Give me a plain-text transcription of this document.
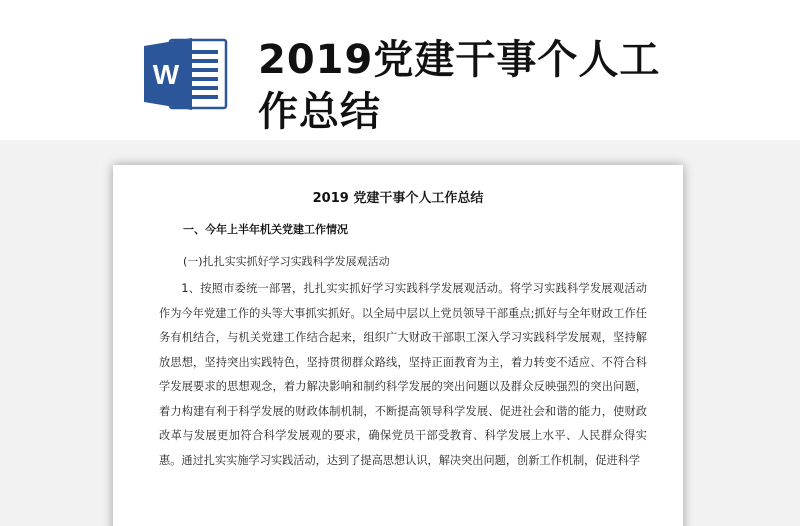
W 2019党建干事个人工作总结
2019 党建干事个人工作总结
一、今年上半年机关党建工作情况
(一)扎扎实实抓好学习实践科学发展观活动
1、按照市委统一部署，扎扎实实抓好学习实践科学发展观活动。将学习实践科学发展观活动作为今年党建工作的头等大事抓实抓好。以全局中层以上党员领导干部重点;抓好与全年财政工作任务有机结合，与机关党建工作结合起来，组织广大财政干部职工深入学习实践科学发展观，坚持解放思想，坚持突出实践特色，坚持贯彻群众路线，坚持正面教育为主，着力转变不适应、不符合科学发展要求的思想观念，着力解决影响和制约科学发展的突出问题以及群众反映强烈的突出问题，着力构建有利于科学发展的财政体制机制，不断提高领导科学发展、促进社会和谐的能力，使财政改革与发展更加符合科学发展观的要求，确保党员干部受教育、科学发展上水平、人民群众得实惠。通过扎实实施学习实践活动，达到了提高思想认识，解决突出问题，创新工作机制，促进科学
